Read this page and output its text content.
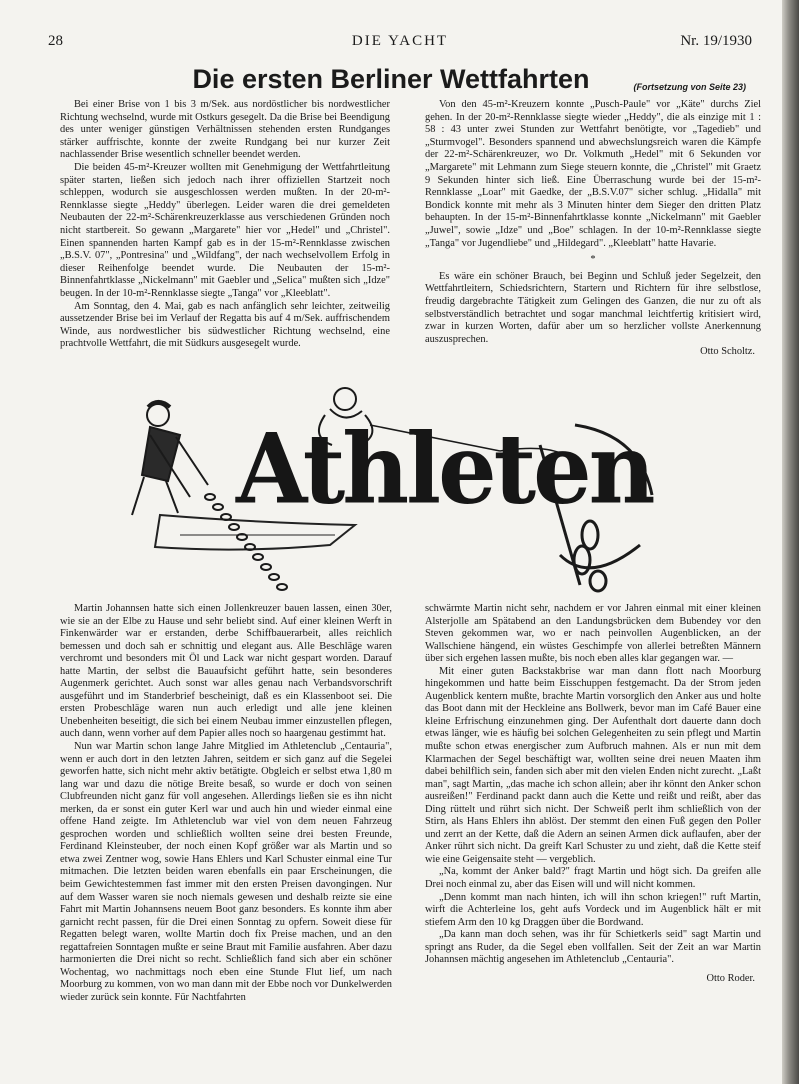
28	DIE YACHT	Nr. 19/1930
Die ersten Berliner Wettfahrten	(Fortsetzung von Seite 23)

Bei einer Brise von 1 bis 3 m/Sek. aus nordöstlicher bis nordwestlicher Richtung wechselnd, wurde mit Ostkurs gesegelt. Da die Brise bei Beendigung des unter weniger günstigen Verhältnissen stehenden ersten Rundganges stärker auffrischte, konnte der zweite Rundgang bei nur kurzer Zeit nachlassender Brise wesentlich schneller beendet werden.

Die beiden 45-m²-Kreuzer wollten mit Genehmigung der Wettfahrtleitung später starten, ließen sich jedoch nach ihrer offiziellen Startzeit noch schleppen, wodurch sie ausgeschlossen werden mußten. In der 20-m²-Rennklasse siegte „Heddy" überlegen. Leider waren die drei gemeldeten Neubauten der 22-m²-Schärenkreuzerklasse aus verschiedenen Gründen noch nicht startbereit. So gewann „Margarete" hier vor „Hedel" und „Christel". Einen spannenden harten Kampf gab es in der 15-m²-Rennklasse zwischen „B.S.V. 07", „Pontresina" und „Wildfang", der nach wechselvollem Erfolg in dieser Reihenfolge beendet wurde. Die Neubauten der 15-m²-Binnenfahrtklasse „Nickelmann" mit Gaebler und „Selica" mußten sich „Idze" beugen. In der 10-m²-Rennklasse siegte „Tanga" vor „Kleeblatt".

Am Sonntag, den 4. Mai, gab es nach anfänglich sehr leichter, zeitweilig aussetzender Brise bei im Verlauf der Regatta bis auf 4 m/Sek. auffrischendem Winde, aus nordwestlicher bis südwestlicher Richtung wechselnd, eine prachtvolle Wettfahrt, die mit Südkurs ausgesegelt wurde.

Von den 45-m²-Kreuzern konnte „Pusch-Paule" vor „Käte" durchs Ziel gehen. In der 20-m²-Rennklasse siegte wieder „Heddy", die als einzige mit 1 : 58 : 43 unter zwei Stunden zur Wettfahrt benötigte, vor „Tagedieb" und „Sturmvogel". Besonders spannend und abwechslungsreich waren die Kämpfe der 22-m²-Schärenkreuzer, wo Dr. Volkmuth „Hedel" mit 6 Sekunden vor „Margarete" mit Lehmann zum Siege steuern konnte, die „Christel" mit Graetz 9 Sekunden hinter sich ließ. Eine Überraschung wurde bei der 15-m²-Rennklasse „Loar" mit Gaedke, der „B.S.V.07" sicher schlug. „Hidalla" mit Bondick konnte mit mehr als 3 Minuten hinter dem Sieger den dritten Platz behaupten. In der 15-m²-Binnenfahrtklasse konnte „Nickelmann" mit Gaebler „Juwel", sowie „Idze" und „Boe" schlagen. In der 10-m²-Rennklasse siegte „Tanga" vor Jugendliebe" und „Hildegard". „Kleeblatt" hatte Havarie.

*

Es wäre ein schöner Brauch, bei Beginn und Schluß jeder Segelzeit, den Wettfahrtleitern, Schiedsrichtern, Startern und Richtern für ihre selbstlose, freudig dargebrachte Tätigkeit zum Gelingen des Ganzen, die nur zu oft als selbstverständlich betrachtet und sogar manchmal leichtfertig kritisiert wird, zwar in kurzen Worten, dafür aber um so herzlicher vollste Anerkennung auszusprechen.

Otto Scholtz.
Athleten

Martin Johannsen hatte sich einen Jollenkreuzer bauen lassen, einen 30er, wie sie an der Elbe zu Hause und sehr beliebt sind. Auf einer kleinen Werft in Finkenwärder war er erstanden, derbe Schiffbauerarbeit, alles reichlich bemessen und doch sah er schnittig und elegant aus. Alle Beschläge waren verchromt und besonders mit Öl und Lack war nicht gespart worden. Darauf hatte Martin, der selbst die Bauaufsicht geführt hatte, sein besonderes Augenmerk gerichtet. Auch sonst war alles genau nach Verbandsvorschrift ausgeführt und im Standerbrief bescheinigt, daß es ein Klassenboot sei. Die ersten Probeschläge waren nun auch erledigt und alle jene kleinen Unebenheiten beseitigt, die sich bei einem Neubau immer einzustellen pflegen, auch dann, wenn vorher auf dem Papier alles noch so haargenau gestimmt hat.

Nun war Martin schon lange Jahre Mitglied im Athletenclub „Centauria", wenn er auch dort in den letzten Jahren, seitdem er sich ganz auf die Segelei geworfen hatte, sich nicht mehr aktiv betätigte. Obgleich er selbst etwa 1,80 m lang war und dazu die nötige Breite besaß, so wurde er doch von seinen Clubfreunden nicht ganz für voll angesehen. Allerdings ließen sie es ihn nicht merken, da er sonst ein guter Kerl war und auch hin und wieder einmal eine offene Hand zeigte. Im Athletenclub war viel von dem neuen Fahrzeug gesprochen worden und schließlich wollten seine drei besten Freunde, Ferdinand Kleinsteuber, der noch einen Kopf größer war als Martin und so etwa zwei Zentner wog, sowie Hans Ehlers und Karl Schuster einmal eine Tur mitmachen. Die letzten beiden waren ebenfalls ein paar Erscheinungen, die beim Gewichtestemmen fast immer mit den ersten Preisen davongingen. Nur auf dem Wasser waren sie noch niemals gewesen und deshalb reizte sie eine Fahrt mit Martin Johannsens neuem Boot ganz besonders. Es konnte ihm aber garnicht recht passen, für die Drei einen Sonntag zu opfern. Soweit diese für Regatten belegt waren, wollte Martin doch fix Preise machen, und an den regattafreien Sonntagen mußte er seine Braut mit Familie ausfahren. Aber dazu harmonierten die Drei nicht so recht. Schließlich fand sich aber ein schöner Wochentag, wo nachmittags noch eben eine Stunde Flut lief, um nach Moorburg zu kommen, von wo man dann mit der Ebbe noch vor Dunkelwerden wieder zurück sein konnte. Für Nachtfahrten

schwärmte Martin nicht sehr, nachdem er vor Jahren einmal mit einer kleinen Alsterjolle am Spätabend an den Landungsbrücken dem Bubendey vor den Steven gekommen war, wo er nach peinvollen Augenblicken, an der Wallschiene hängend, ein wüstes Geschimpfe von allerlei betreßten Männern über sich ergehen lassen mußte, bis noch eben alles klar gegangen war. —

Mit einer guten Backstakbrise war man dann flott nach Moorburg hingekommen und hatte beim Eisschuppen festgemacht. Da der Strom jeden Augenblick kentern mußte, brachte Martin vorsorglich den Anker aus und holte das Boot dann mit der Heckleine ans Bollwerk, bevor man im Café Bauer eine kleine Erfrischung einzunehmen ging. Der Aufenthalt dort dauerte dann doch etwas länger, wie es häufig bei solchen Gelegenheiten zu sein pflegt und Martin mußte schon etwas energischer zum Aufbruch mahnen. Als er nun mit dem Klarmachen der Segel beschäftigt war, wollten seine drei neuen Maaten ihm dabei behilflich sein, fanden sich aber mit den vielen Enden nicht zurecht. „Laßt man", sagt Martin, „das mache ich schon allein; aber ihr könnt den Anker schon ausreißen!" Ferdinand packt dann auch die Kette und reißt und reißt, aber das Ding rüttelt und rührt sich nicht. Der Schweiß perlt ihm schließlich von der Stirn, als Hans Ehlers ihn ablöst. Der stemmt den einen Fuß gegen den Poller und zerrt an der Kette, daß die Adern an seinen Armen dick auflaufen, aber der Anker rührt sich nicht. Da greift Karl Schuster zu und zieht, daß die Kette steif wie eine Geigensaite steht — vergeblich.

„Na, kommt der Anker bald?" fragt Martin und högt sich. Da greifen alle Drei noch einmal zu, aber das Eisen will und will nicht kommen.

„Denn kommt man nach hinten, ich will ihn schon kriegen!" ruft Martin, wirft die Achterleine los, geht aufs Vordeck und im Augenblick hält er mit stiefem Arm den 10 kg Draggen über die Bordwand.

„Da kann man doch sehen, was ihr für Schietkerls seid" sagt Martin und springt ans Ruder, da die Segel eben vollfallen. Seit der Zeit an war Martin Johannsen mächtig angesehen im Athletenclub „Centauria".

Otto Roder.
